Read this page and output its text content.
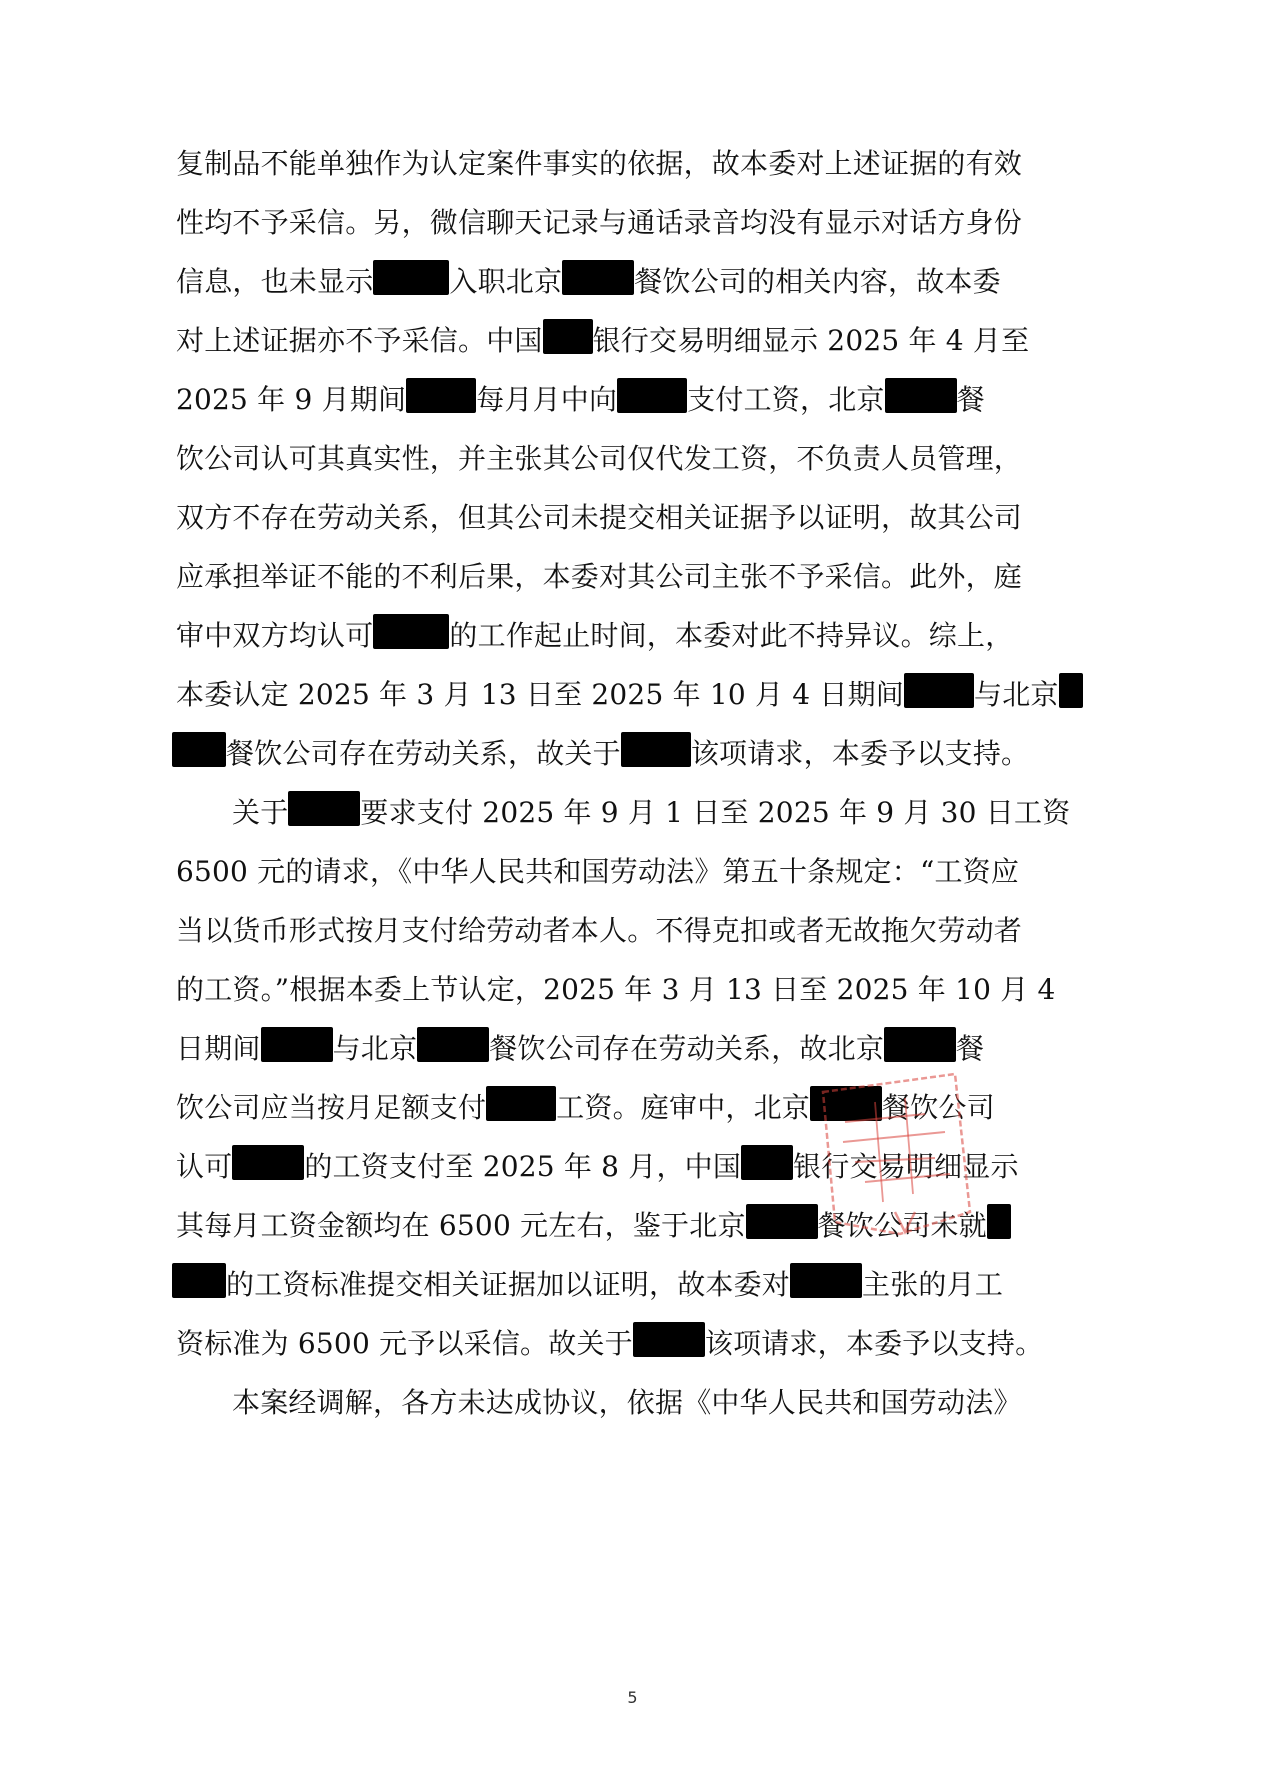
复制品不能单独作为认定案件事实的依据，故本委对上述证据的有效
性均不予采信。另，微信聊天记录与通话录音均没有显示对话方身份
信息，也未显示	入职北京	餐饮公司的相关内容，故本委
对上述证据亦不予采信。中国 银行交易明细显示 2025 年 4 月至
2025 年 9 月期间	每月月中向	支付工资，北京	餐
饮公司认可其真实性，并主张其公司仅代发工资，不负责人员管理，
双方不存在劳动关系，但其公司未提交相关证据予以证明，故其公司
应承担举证不能的不利后果，本委对其公司主张不予采信。此外，庭
审中双方均认可	的工作起止时间，本委对此不持异议。综上，
本委认定 2025 年 3 月 13 日至 2025 年 10 月 4 日期间	与北京
餐饮公司存在劳动关系，故关于	该项请求，本委予以支持。
关于	要求支付 2025 年 9 月 1 日至 2025 年 9 月 30 日工资
6500 元的请求，《中华人民共和国劳动法》第五十条规定：“工资应
当以货币形式按月支付给劳动者本人。不得克扣或者无故拖欠劳动者
的工资。”根据本委上节认定，2025 年 3 月 13 日至 2025 年 10 月 4
日期间	与北京	餐饮公司存在劳动关系，故北京	餐
饮公司应当按月足额支付	工资。庭审中，北京	餐饮公司
认可	的工资支付至 2025 年 8 月，中国 银行交易明细显示
其每月工资金额均在 6500 元左右，鉴于北京	餐饮公司未就
的工资标准提交相关证据加以证明，故本委对	主张的月工
资标准为 6500 元予以采信。故关于	该项请求，本委予以支持。
本案经调解，各方未达成协议，依据《中华人民共和国劳动法》
5
